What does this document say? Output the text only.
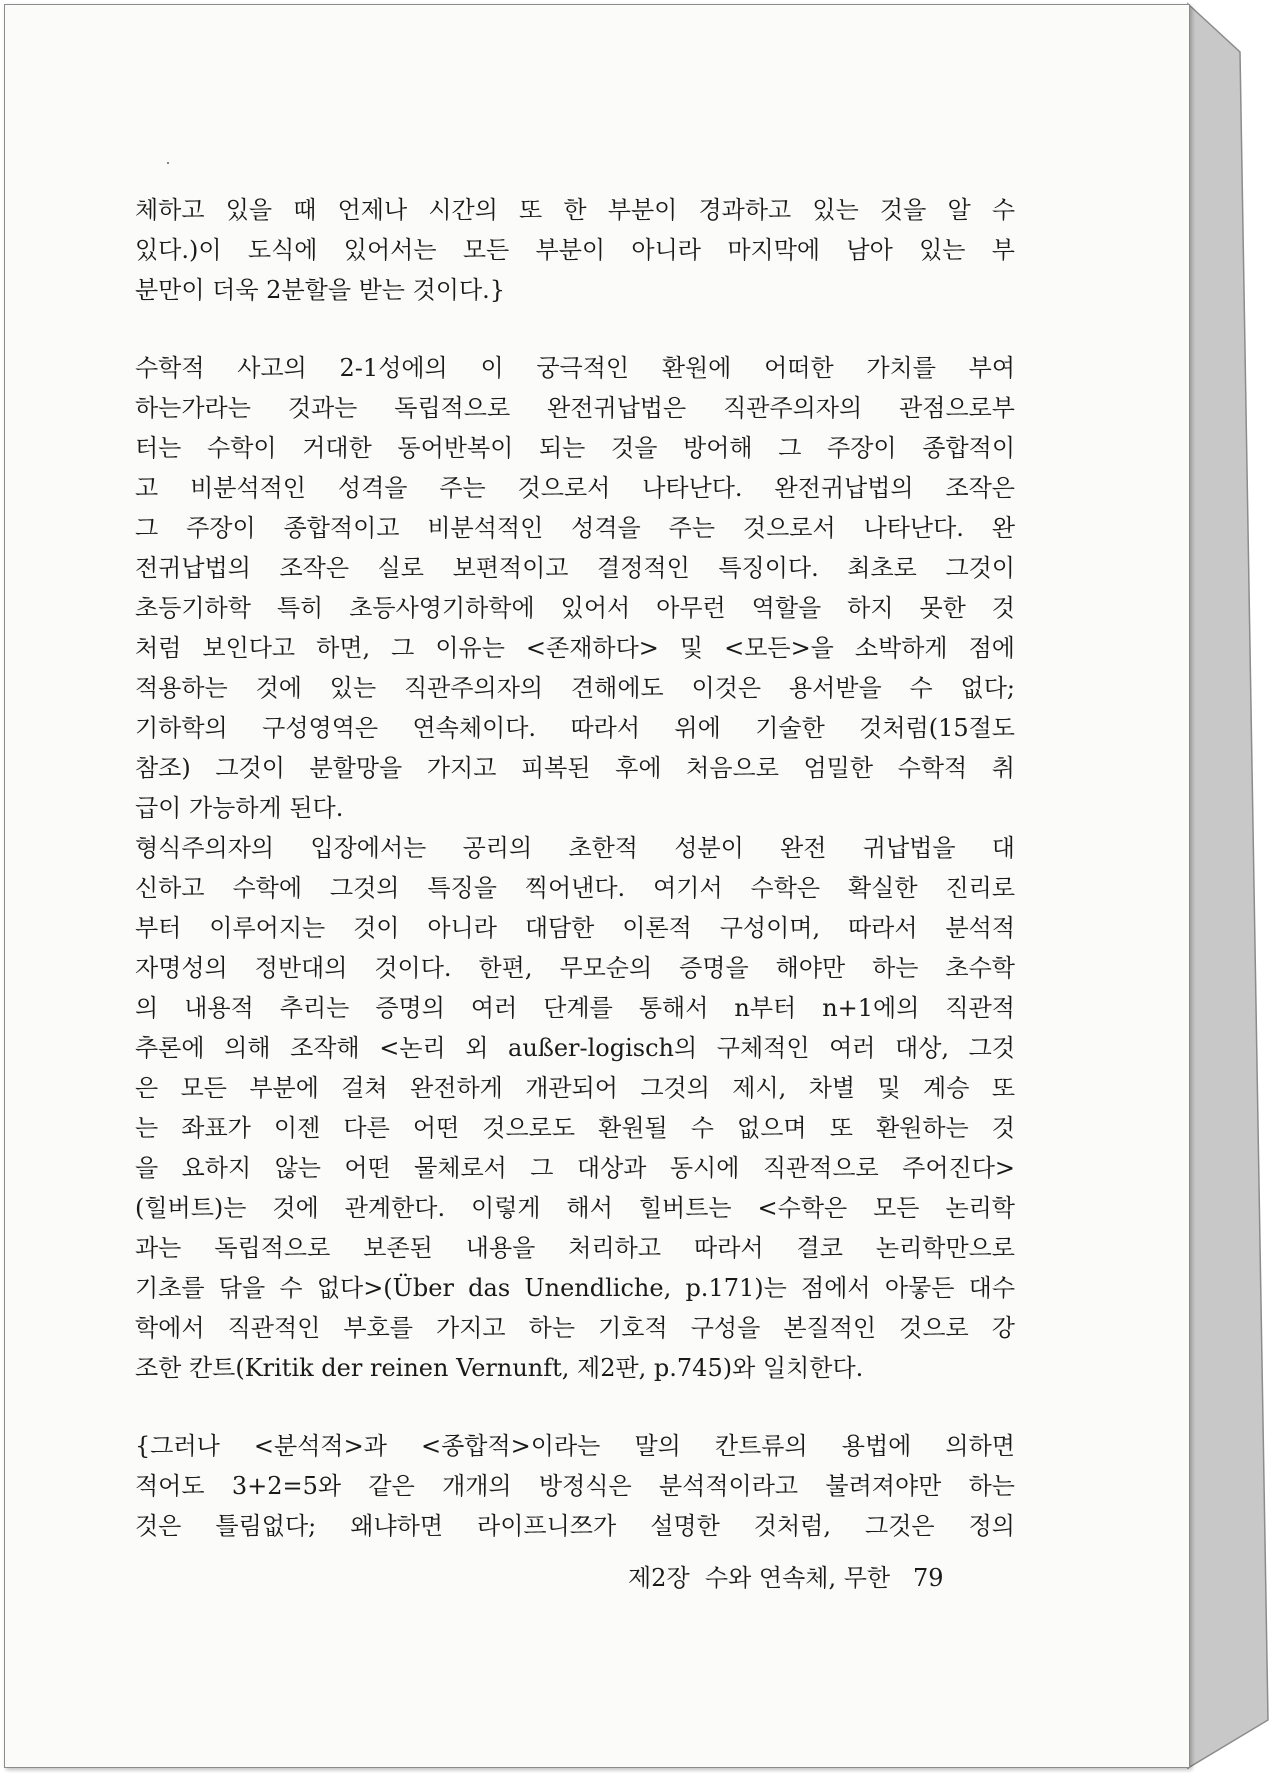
체하고 있을 때 언제나 시간의 또 한 부분이 경과하고 있는 것을 알 수
있다.)이 도식에 있어서는 모든 부분이 아니라 마지막에 남아 있는 부
분만이 더욱 2분할을 받는 것이다.}
수학적 사고의 2-1성에의 이 궁극적인 환원에 어떠한 가치를 부여
하는가라는 것과는 독립적으로 완전귀납법은 직관주의자의 관점으로부
터는 수학이 거대한 동어반복이 되는 것을 방어해 그 주장이 종합적이
고 비분석적인 성격을 주는 것으로서 나타난다. 완전귀납법의 조작은
그 주장이 종합적이고 비분석적인 성격을 주는 것으로서 나타난다. 완
전귀납법의 조작은 실로 보편적이고 결정적인 특징이다. 최초로 그것이
초등기하학 특히 초등사영기하학에 있어서 아무런 역할을 하지 못한 것
처럼 보인다고 하면, 그 이유는 <존재하다> 및 <모든>을 소박하게 점에
적용하는 것에 있는 직관주의자의 견해에도 이것은 용서받을 수 없다;
기하학의 구성영역은 연속체이다. 따라서 위에 기술한 것처럼(15절도
참조) 그것이 분할망을 가지고 피복된 후에 처음으로 엄밀한 수학적 취
급이 가능하게 된다.
형식주의자의 입장에서는 공리의 초한적 성분이 완전 귀납법을 대
신하고 수학에 그것의 특징을 찍어낸다. 여기서 수학은 확실한 진리로
부터 이루어지는 것이 아니라 대담한 이론적 구성이며, 따라서 분석적
자명성의 정반대의 것이다. 한편, 무모순의 증명을 해야만 하는 초수학
의 내용적 추리는 증명의 여러 단계를 통해서 n부터 n+1에의 직관적
추론에 의해 조작해 <논리 외 außer-logisch의 구체적인 여러 대상, 그것
은 모든 부분에 걸쳐 완전하게 개관되어 그것의 제시, 차별 및 계승 또
는 좌표가 이젠 다른 어떤 것으로도 환원될 수 없으며 또 환원하는 것
을 요하지 않는 어떤 물체로서 그 대상과 동시에 직관적으로 주어진다>
(힐버트)는 것에 관계한다. 이렇게 해서 힐버트는 <수학은 모든 논리학
과는 독립적으로 보존된 내용을 처리하고 따라서 결코 논리학만으로
기초를 닦을 수 없다>(Über das Unendliche, p.171)는 점에서 아뭏든 대수
학에서 직관적인 부호를 가지고 하는 기호적 구성을 본질적인 것으로 강
조한 칸트(Kritik der reinen Vernunft, 제2판, p.745)와 일치한다.
{그러나 <분석적>과 <종합적>이라는 말의 칸트류의 용법에 의하면
적어도 3+2=5와 같은 개개의 방정식은 분석적이라고 불려져야만 하는
것은 틀림없다; 왜냐하면 라이프니쯔가 설명한 것처럼, 그것은 정의
제2장 수와 연속체, 무한 79
